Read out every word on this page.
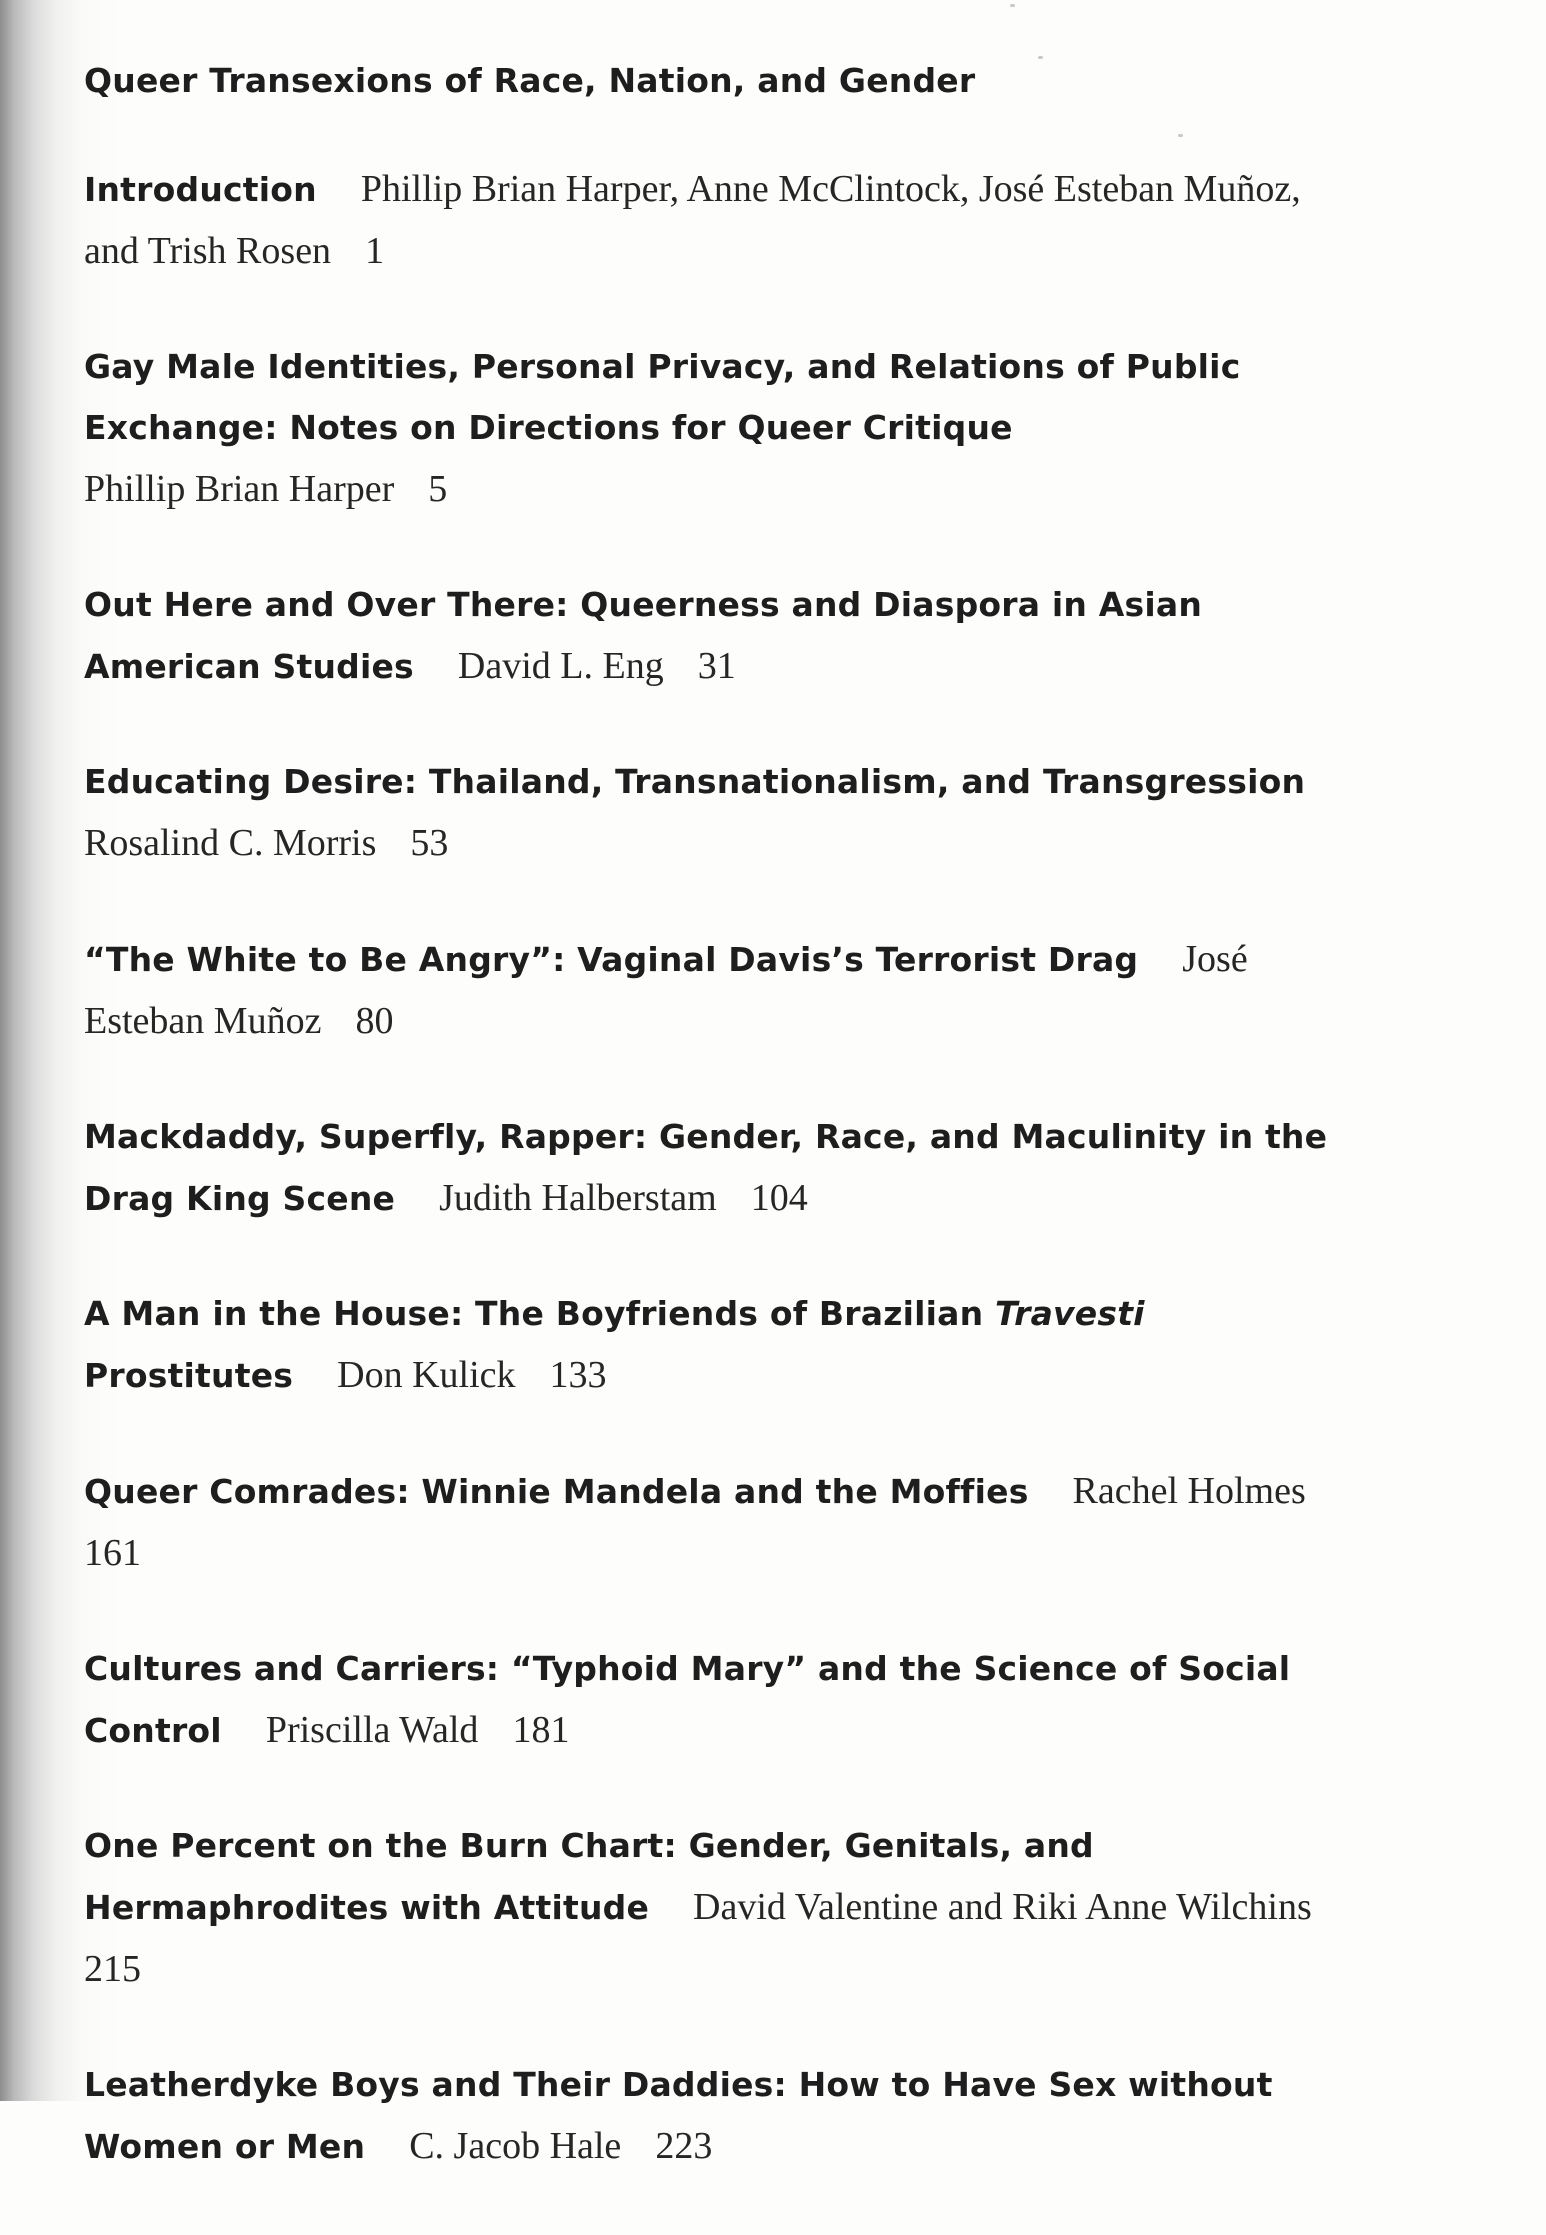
Queer Transexions of Race, Nation, and Gender
Introduction Phillip Brian Harper, Anne McClintock, José Esteban Muñoz, and Trish Rosen 1
Gay Male Identities, Personal Privacy, and Relations of Public Exchange: Notes on Directions for Queer Critique
Phillip Brian Harper 5
Out Here and Over There: Queerness and Diaspora in Asian American Studies David L. Eng 31
Educating Desire: Thailand, Transnationalism, and Transgression
Rosalind C. Morris 53
“The White to Be Angry”: Vaginal Davis’s Terrorist Drag José Esteban Muñoz 80
Mackdaddy, Superfly, Rapper: Gender, Race, and Maculinity in the Drag King Scene Judith Halberstam 104
A Man in the House: The Boyfriends of Brazilian Travesti Prostitutes Don Kulick 133
Queer Comrades: Winnie Mandela and the Moffies Rachel Holmes161
Cultures and Carriers: “Typhoid Mary” and the Science of Social Control Priscilla Wald 181
One Percent on the Burn Chart: Gender, Genitals, and Hermaphrodites with Attitude David Valentine and Riki Anne Wilchins215
Leatherdyke Boys and Their Daddies: How to Have Sex without Women or Men C. Jacob Hale 223
